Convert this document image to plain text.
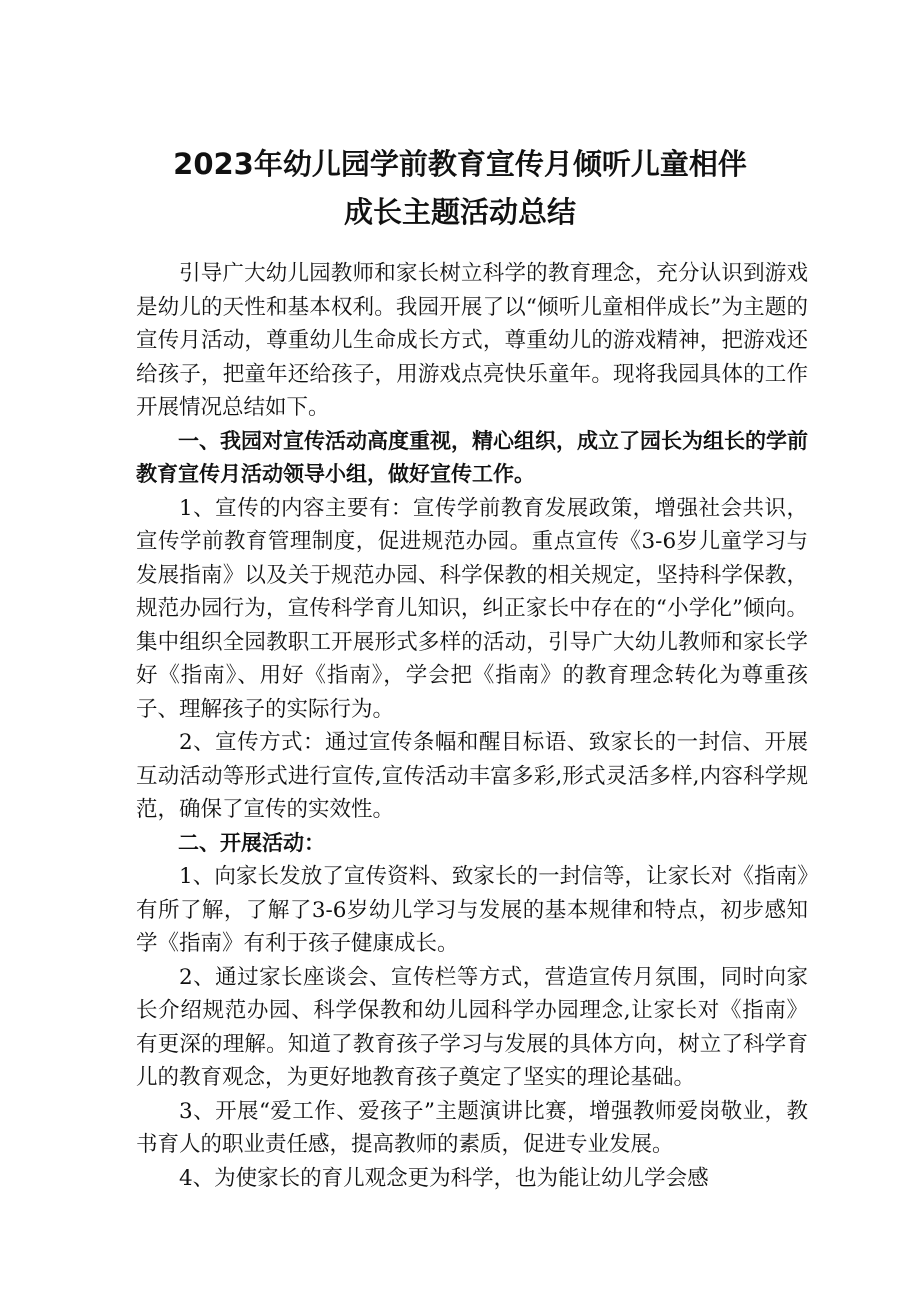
2023年幼儿园学前教育宣传月倾听儿童相伴
成长主题活动总结

引导广大幼儿园教师和家长树立科学的教育理念，充分认识到游戏是幼儿的天性和基本权利。我园开展了以“倾听儿童相伴成长”为主题的宣传月活动，尊重幼儿生命成长方式，尊重幼儿的游戏精神，把游戏还给孩子，把童年还给孩子，用游戏点亮快乐童年。现将我园具体的工作开展情况总结如下。

一、我园对宣传活动高度重视，精心组织，成立了园长为组长的学前教育宣传月活动领导小组，做好宣传工作。

1、宣传的内容主要有：宣传学前教育发展政策，增强社会共识，宣传学前教育管理制度，促进规范办园。重点宣传《3-6岁儿童学习与发展指南》以及关于规范办园、科学保教的相关规定，坚持科学保教，规范办园行为，宣传科学育儿知识，纠正家长中存在的“小学化”倾向。集中组织全园教职工开展形式多样的活动，引导广大幼儿教师和家长学好《指南》、用好《指南》，学会把《指南》的教育理念转化为尊重孩子、理解孩子的实际行为。

2、宣传方式：通过宣传条幅和醒目标语、致家长的一封信、开展互动活动等形式进行宣传,宣传活动丰富多彩,形式灵活多样,内容科学规范，确保了宣传的实效性。

二、开展活动：

1、向家长发放了宣传资料、致家长的一封信等，让家长对《指南》有所了解，了解了3-6岁幼儿学习与发展的基本规律和特点，初步感知学《指南》有利于孩子健康成长。

2、通过家长座谈会、宣传栏等方式，营造宣传月氛围，同时向家长介绍规范办园、科学保教和幼儿园科学办园理念,让家长对《指南》有更深的理解。知道了教育孩子学习与发展的具体方向，树立了科学育儿的教育观念，为更好地教育孩子奠定了坚实的理论基础。

3、开展“爱工作、爱孩子”主题演讲比赛，增强教师爱岗敬业，教书育人的职业责任感，提高教师的素质，促进专业发展。

4、为使家长的育儿观念更为科学，也为能让幼儿学会感
